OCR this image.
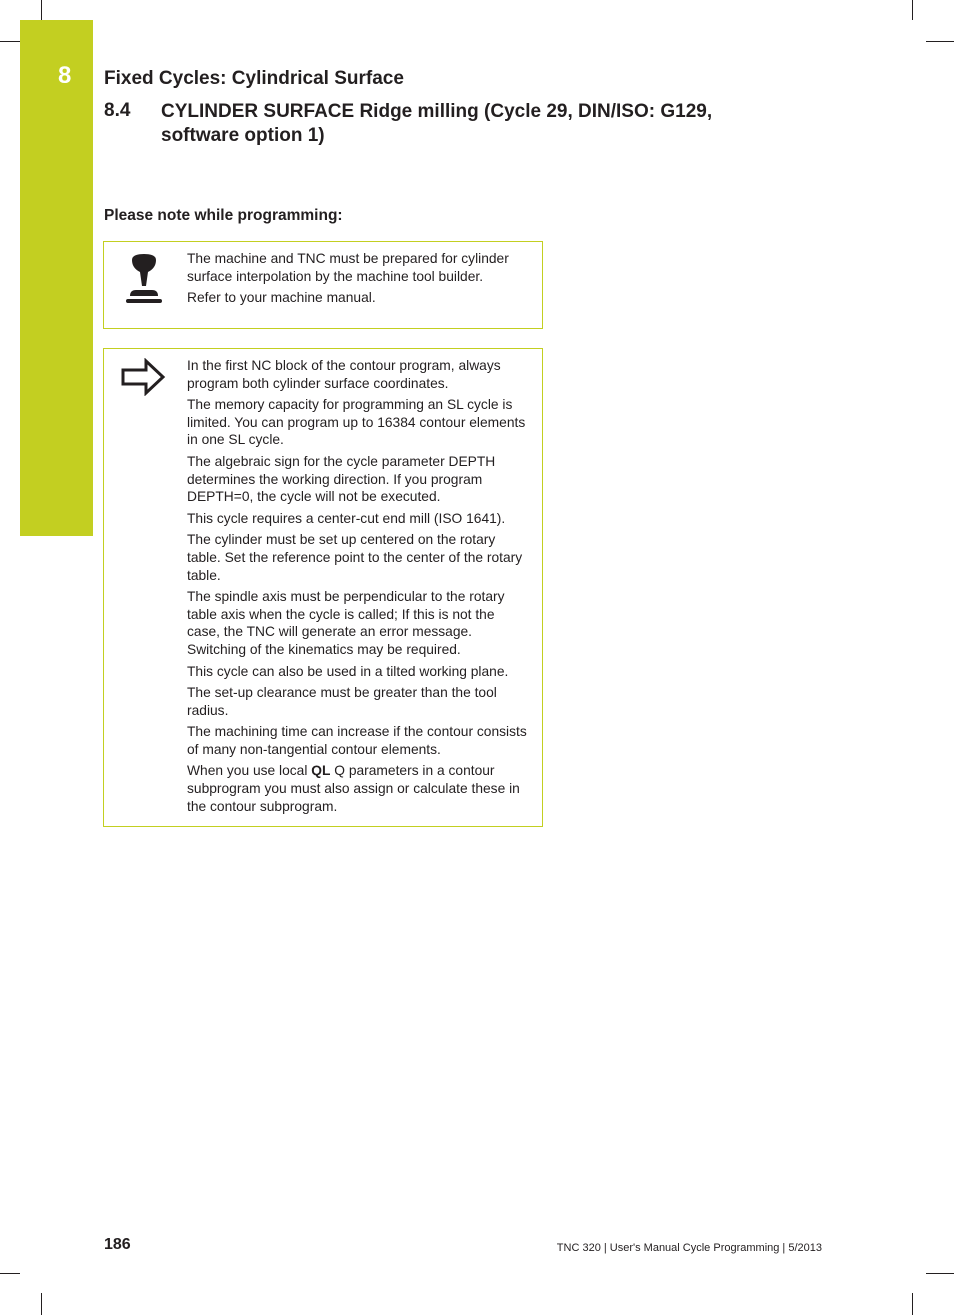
8 Fixed Cycles: Cylindrical Surface
8.4 CYLINDER SURFACE Ridge milling (Cycle 29, DIN/ISO: G129, software option 1)
Please note while programming:

The machine and TNC must be prepared for cylinder surface interpolation by the machine tool builder.

Refer to your machine manual.

In the first NC block of the contour program, always program both cylinder surface coordinates.

The memory capacity for programming an SL cycle is limited. You can program up to 16384 contour elements in one SL cycle.

The algebraic sign for the cycle parameter DEPTH determines the working direction. If you program DEPTH=0, the cycle will not be executed.

This cycle requires a center-cut end mill (ISO 1641).

The cylinder must be set up centered on the rotary table. Set the reference point to the center of the rotary table.

The spindle axis must be perpendicular to the rotary table axis when the cycle is called; If this is not the case, the TNC will generate an error message. Switching of the kinematics may be required.

This cycle can also be used in a tilted working plane.

The set-up clearance must be greater than the tool radius.

The machining time can increase if the contour consists of many non-tangential contour elements.

When you use local QL Q parameters in a contour subprogram you must also assign or calculate these in the contour subprogram.

186	TNC 320 | User's Manual Cycle Programming | 5/2013
